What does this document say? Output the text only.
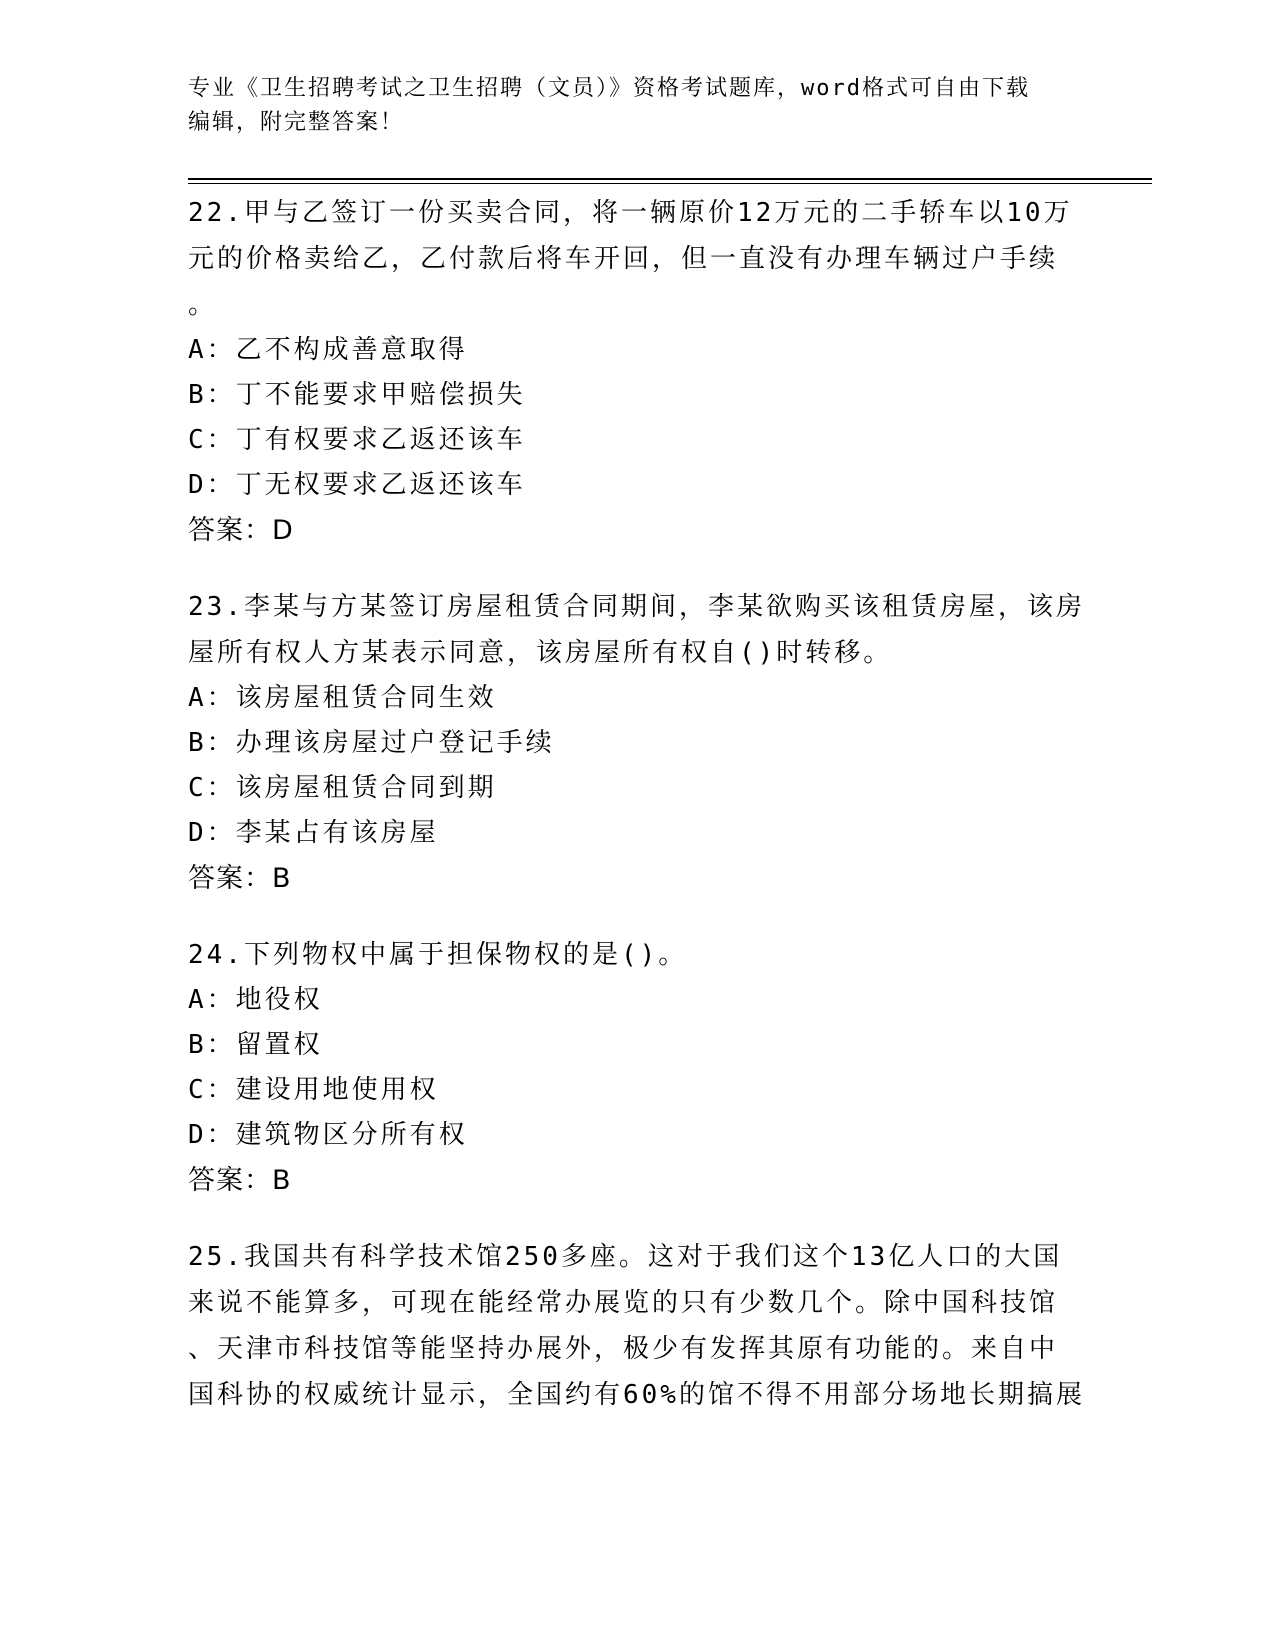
专业《卫生招聘考试之卫生招聘（文员）》资格考试题库，word格式可自由下载
编辑，附完整答案！

22.甲与乙签订一份买卖合同，将一辆原价12万元的二手轿车以10万

元的价格卖给乙，乙付款后将车开回，但一直没有办理车辆过户手续

。

A：乙不构成善意取得

B：丁不能要求甲赔偿损失

C：丁有权要求乙返还该车

D：丁无权要求乙返还该车

答案：D

23.李某与方某签订房屋租赁合同期间，李某欲购买该租赁房屋，该房

屋所有权人方某表示同意，该房屋所有权自()时转移。

A：该房屋租赁合同生效

B：办理该房屋过户登记手续

C：该房屋租赁合同到期

D：李某占有该房屋

答案：B

24.下列物权中属于担保物权的是()。

A：地役权

B：留置权

C：建设用地使用权

D：建筑物区分所有权

答案：B

25.我国共有科学技术馆250多座。这对于我们这个13亿人口的大国

来说不能算多，可现在能经常办展览的只有少数几个。除中国科技馆

、天津市科技馆等能坚持办展外，极少有发挥其原有功能的。来自中

国科协的权威统计显示，全国约有60%的馆不得不用部分场地长期搞展
